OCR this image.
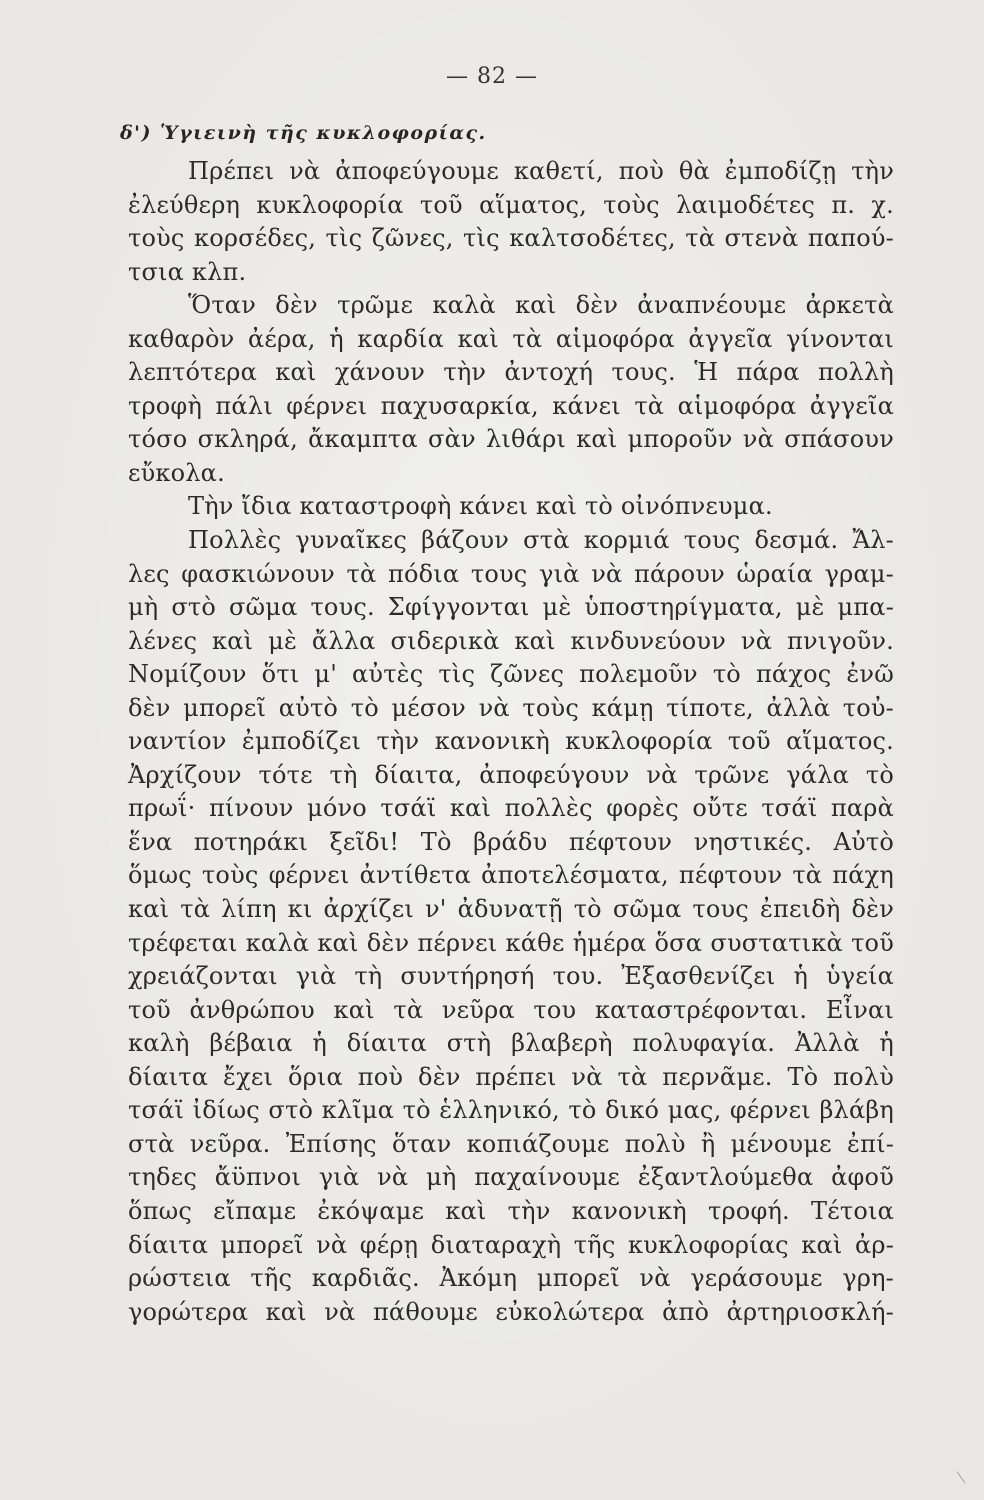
— 82 —
δ') Ὑγιεινὴ τῆς κυκλοφορίας.
Πρέπει νὰ ἀποφεύγουμε καθετί, ποὺ θὰ ἐμποδίζῃ τὴν
ἐλεύθερη κυκλοφορία τοῦ αἵματος, τοὺς λαιμοδέτες π. χ.
τοὺς κορσέδες, τὶς ζῶνες, τὶς καλτσοδέτες, τὰ στενὰ παπού-
τσια κλπ.
Ὅταν δὲν τρῶμε καλὰ καὶ δὲν ἀναπνέουμε ἀρκετὰ
καθαρὸν ἀέρα, ἡ καρδία καὶ τὰ αἱμοφόρα ἀγγεῖα γίνονται
λεπτότερα καὶ χάνουν τὴν ἀντοχή τους. Ἡ πάρα πολλὴ
τροφὴ πάλι φέρνει παχυσαρκία, κάνει τὰ αἱμοφόρα ἀγγεῖα
τόσο σκληρά, ἄκαμπτα σὰν λιθάρι καὶ μποροῦν νὰ σπάσουν
εὔκολα.
Τὴν ἴδια καταστροφὴ κάνει καὶ τὸ οἰνόπνευμα.
Πολλὲς γυναῖκες βάζουν στὰ κορμιά τους δεσμά. Ἄλ-
λες φασκιώνουν τὰ πόδια τους γιὰ νὰ πάρουν ὡραία γραμ-
μὴ στὸ σῶμα τους. Σφίγγονται μὲ ὑποστηρίγματα, μὲ μπα-
λένες καὶ μὲ ἄλλα σιδερικὰ καὶ κινδυνεύουν νὰ πνιγοῦν.
Νομίζουν ὅτι μ' αὐτὲς τὶς ζῶνες πολεμοῦν τὸ πάχος ἐνῶ
δὲν μπορεῖ αὐτὸ τὸ μέσον νὰ τοὺς κάμῃ τίποτε, ἀλλὰ τοὐ-
ναντίον ἐμποδίζει τὴν κανονικὴ κυκλοφορία τοῦ αἵματος.
Ἀρχίζουν τότε τὴ δίαιτα, ἀποφεύγουν νὰ τρῶνε γάλα τὸ
πρωΐ· πίνουν μόνο τσάϊ καὶ πολλὲς φορὲς οὔτε τσάϊ παρὰ
ἕνα ποτηράκι ξεῖδι! Τὸ βράδυ πέφτουν νηστικές. Αὐτὸ
ὅμως τοὺς φέρνει ἀντίθετα ἀποτελέσματα, πέφτουν τὰ πάχη
καὶ τὰ λίπη κι ἀρχίζει ν' ἀδυνατῇ τὸ σῶμα τους ἐπειδὴ δὲν
τρέφεται καλὰ καὶ δὲν πέρνει κάθε ἡμέρα ὅσα συστατικὰ τοῦ
χρειάζονται γιὰ τὴ συντήρησή του. Ἐξασθενίζει ἡ ὑγεία
τοῦ ἀνθρώπου καὶ τὰ νεῦρα του καταστρέφονται. Εἶναι
καλὴ βέβαια ἡ δίαιτα στὴ βλαβερὴ πολυφαγία. Ἀλλὰ ἡ
δίαιτα ἔχει ὅρια ποὺ δὲν πρέπει νὰ τὰ περνᾶμε. Τὸ πολὺ
τσάϊ ἰδίως στὸ κλῖμα τὸ ἑλληνικό, τὸ δικό μας, φέρνει βλάβη
στὰ νεῦρα. Ἐπίσης ὅταν κοπιάζουμε πολὺ ἢ μένουμε ἐπί-
τηδες ἄϋπνοι γιὰ νὰ μὴ παχαίνουμε ἐξαντλούμεθα ἀφοῦ
ὅπως εἴπαμε ἐκόψαμε καὶ τὴν κανονικὴ τροφή. Τέτοια
δίαιτα μπορεῖ νὰ φέρῃ διαταραχὴ τῆς κυκλοφορίας καὶ ἀρ-
ρώστεια τῆς καρδιᾶς. Ἀκόμη μπορεῖ νὰ γεράσουμε γρη-
γορώτερα καὶ νὰ πάθουμε εὐκολώτερα ἀπὸ ἀρτηριοσκλή-
